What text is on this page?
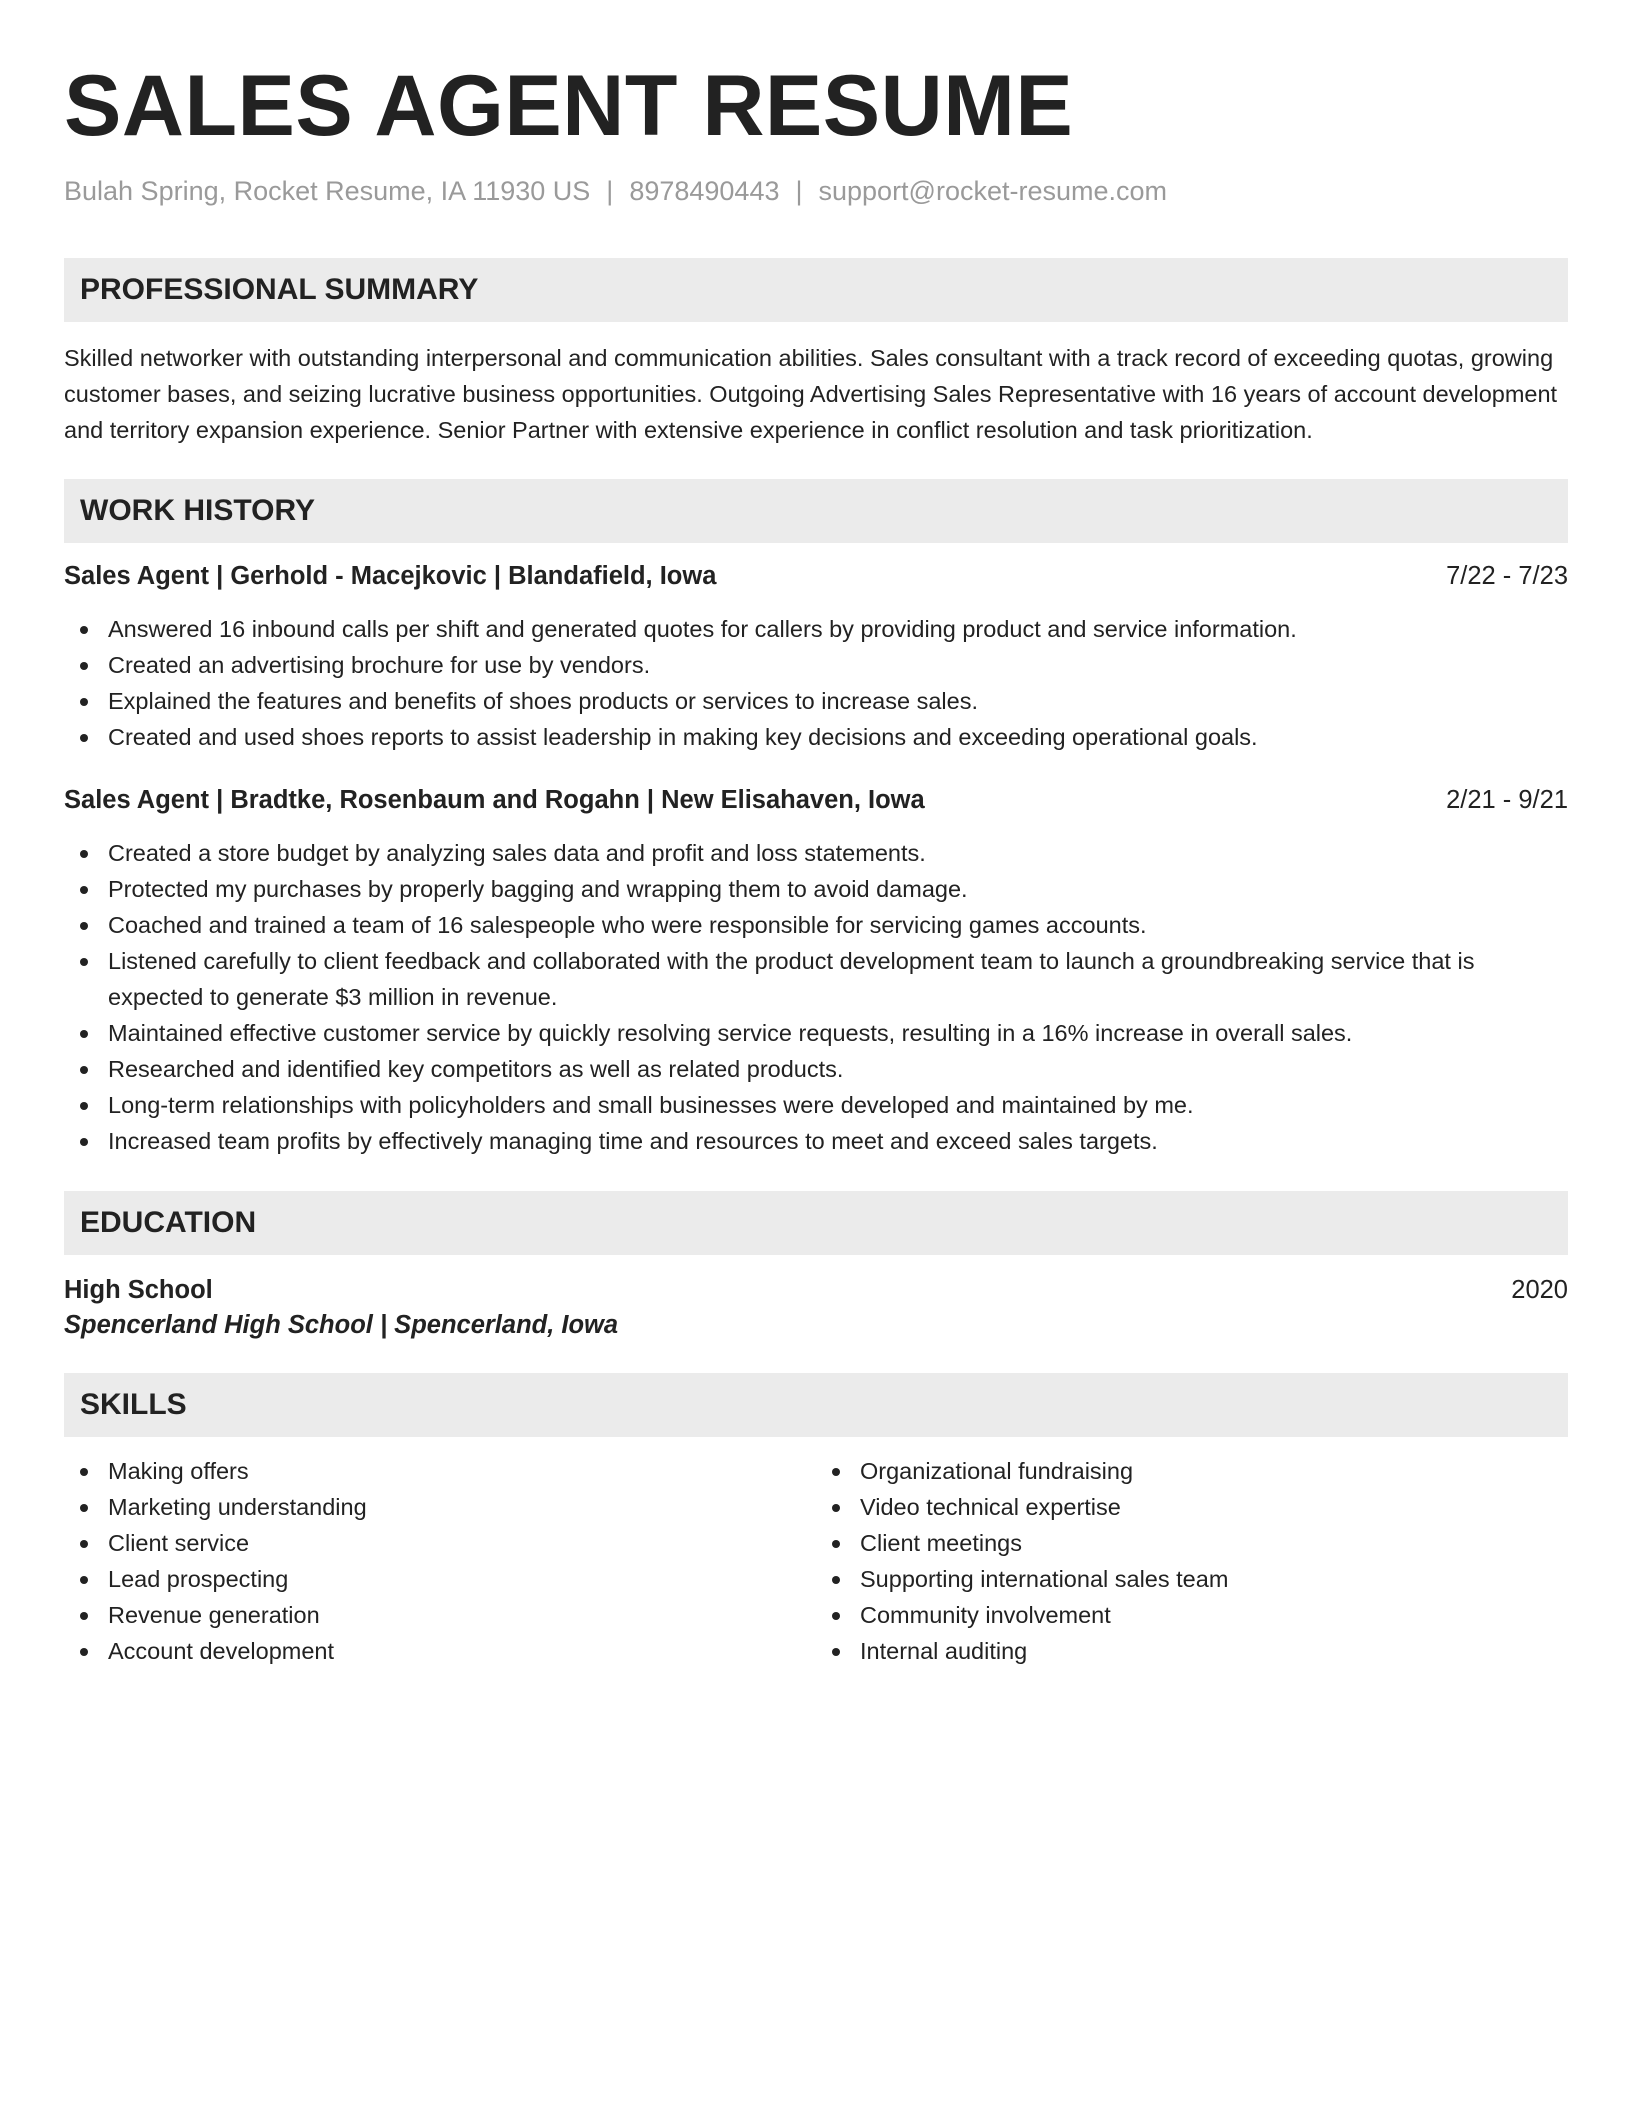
SALES AGENT RESUME
Bulah Spring, Rocket Resume, IA 11930 US | 8978490443 | support@rocket-resume.com
PROFESSIONAL SUMMARY
Skilled networker with outstanding interpersonal and communication abilities. Sales consultant with a track record of exceeding quotas, growing customer bases, and seizing lucrative business opportunities. Outgoing Advertising Sales Representative with 16 years of account development and territory expansion experience. Senior Partner with extensive experience in conflict resolution and task prioritization.
WORK HISTORY
Sales Agent | Gerhold - Macejkovic | Blandafield, Iowa	7/22 - 7/23
Answered 16 inbound calls per shift and generated quotes for callers by providing product and service information.
Created an advertising brochure for use by vendors.
Explained the features and benefits of shoes products or services to increase sales.
Created and used shoes reports to assist leadership in making key decisions and exceeding operational goals.
Sales Agent | Bradtke, Rosenbaum and Rogahn | New Elisahaven, Iowa	2/21 - 9/21
Created a store budget by analyzing sales data and profit and loss statements.
Protected my purchases by properly bagging and wrapping them to avoid damage.
Coached and trained a team of 16 salespeople who were responsible for servicing games accounts.
Listened carefully to client feedback and collaborated with the product development team to launch a groundbreaking service that is expected to generate $3 million in revenue.
Maintained effective customer service by quickly resolving service requests, resulting in a 16% increase in overall sales.
Researched and identified key competitors as well as related products.
Long-term relationships with policyholders and small businesses were developed and maintained by me.
Increased team profits by effectively managing time and resources to meet and exceed sales targets.
EDUCATION
High School	2020
Spencerland High School | Spencerland, Iowa
SKILLS
Making offers
Marketing understanding
Client service
Lead prospecting
Revenue generation
Account development
Organizational fundraising
Video technical expertise
Client meetings
Supporting international sales team
Community involvement
Internal auditing
